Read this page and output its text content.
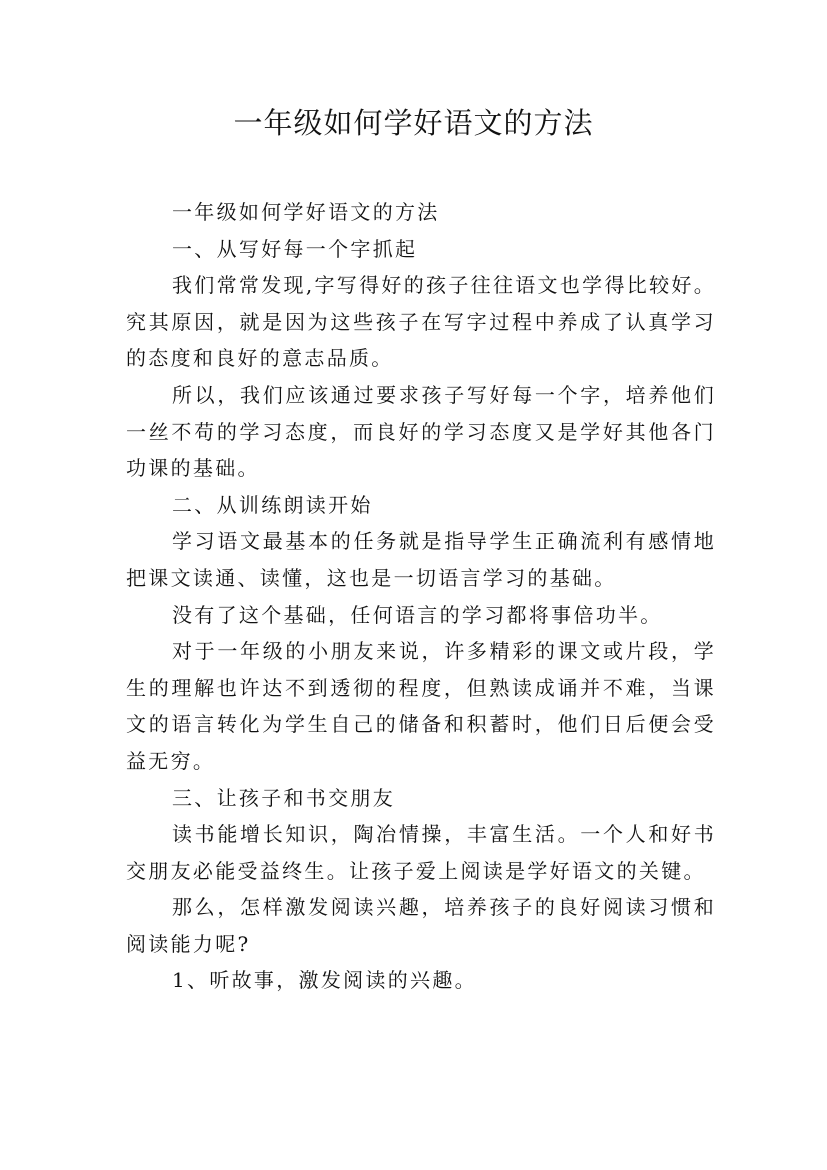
一年级如何学好语文的方法

一年级如何学好语文的方法

一、从写好每一个字抓起

我们常常发现,字写得好的孩子往往语文也学得比较好。究其原因，就是因为这些孩子在写字过程中养成了认真学习的态度和良好的意志品质。

所以，我们应该通过要求孩子写好每一个字，培养他们一丝不苟的学习态度，而良好的学习态度又是学好其他各门功课的基础。

二、从训练朗读开始

学习语文最基本的任务就是指导学生正确流利有感情地把课文读通、读懂，这也是一切语言学习的基础。

没有了这个基础，任何语言的学习都将事倍功半。

对于一年级的小朋友来说，许多精彩的课文或片段，学生的理解也许达不到透彻的程度，但熟读成诵并不难，当课文的语言转化为学生自己的储备和积蓄时，他们日后便会受益无穷。

三、让孩子和书交朋友

读书能增长知识，陶冶情操，丰富生活。一个人和好书交朋友必能受益终生。让孩子爱上阅读是学好语文的关键。

那么，怎样激发阅读兴趣，培养孩子的良好阅读习惯和阅读能力呢?

1、听故事，激发阅读的兴趣。
